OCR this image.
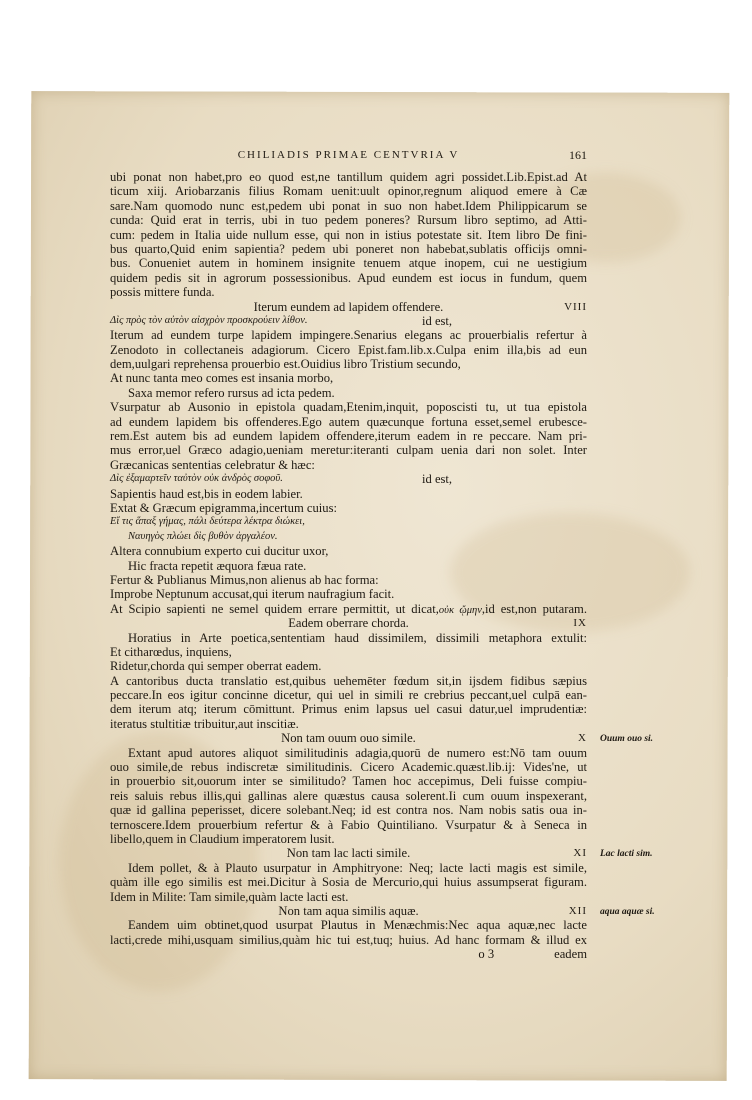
CHILIADIS PRIMAE CENTVRIA V	161
ubi ponat non habet,pro eo quod est,ne tantillum quidem agri possidet.Lib.Epist.ad At
ticum xiij. Ariobarzanis filius Romam uenit:uult opinor,regnum aliquod emere à Cæ
sare.Nam quomodo nunc est,pedem ubi ponat in suo non habet.Idem Philippicarum se
cunda: Quid erat in terris, ubi in tuo pedem poneres? Rursum libro septimo, ad Atti-
cum: pedem in Italia uide nullum esse, qui non in istius potestate sit. Item libro De fini-
bus quarto,Quid enim sapientia? pedem ubi poneret non habebat,sublatis officijs omni-
bus. Conueniet autem in hominem insignite tenuem atque inopem, cui ne uestigium
quidem pedis sit in agrorum possessionibus. Apud eundem est iocus in fundum, quem
possis mittere funda.
Iterum eundem ad lapidem offendere.	VIII
Δὶς πρὸς τὸν αὐτὸν αἰσχρὸν προσκρούειν λίθον.	id est,
Iterum ad eundem turpe lapidem impingere.Senarius elegans ac prouerbialis refertur à
Zenodoto in collectaneis adagiorum. Cicero Epist.fam.lib.x.Culpa enim illa,bis ad eun
dem,uulgari reprehensa prouerbio est.Ouidius libro Tristium secundo,
At nunc tanta meo comes est insania morbo,
Saxa memor refero rursus ad icta pedem.
Vsurpatur ab Ausonio in epistola quadam,Etenim,inquit, poposcisti tu, ut tua epistola
ad eundem lapidem bis offenderes.Ego autem quæcunque fortuna esset,semel erubesce-
rem.Est autem bis ad eundem lapidem offendere,iterum eadem in re peccare. Nam pri-
mus error,uel Græco adagio,ueniam meretur:iteranti culpam uenia dari non solet. Inter
Græcanicas sententias celebratur & hæc:
Δὶς ἐξαμαρτεῖν ταὐτὸν οὐκ ἀνδρὸς σοφοῦ.	id est,
Sapientis haud est,bis in eodem labier.
Extat & Græcum epigramma,incertum cuius:
Εἴ τις ἅπαξ γήμας, πάλι δεύτερα λέκτρα διώκει,
Ναυηγὸς πλώει δὶς βυθὸν ἀργαλέον.
Altera connubium experto cui ducitur uxor,
Hic fracta repetit æquora fæua rate.
Fertur & Publianus Mimus,non alienus ab hac forma:
Improbe Neptunum accusat,qui iterum naufragium facit.
At Scipio sapienti ne semel quidem errare permittit, ut dicat,οὐκ ᾤμην,id est,non putaram.
Eadem oberrare chorda.	IX
Horatius in Arte poetica,sententiam haud dissimilem, dissimili metaphora extulit:
Et citharœdus, inquiens,
Ridetur,chorda qui semper oberrat eadem.
A cantoribus ducta translatio est,quibus uehemēter fœdum sit,in ijsdem fidibus sæpius
peccare.In eos igitur concinne dicetur, qui uel in simili re crebrius peccant,uel culpā ean-
dem iterum atq; iterum cōmittunt. Primus enim lapsus uel casui datur,uel imprudentiæ:
iteratus stultitiæ tribuitur,aut inscitiæ.
Non tam ouum ouo simile.	X Ouum ouo si.
Extant apud autores aliquot similitudinis adagia,quorū de numero est:Nō tam ouum
ouo simile,de rebus indiscretæ similitudinis. Cicero Academic.quæst.lib.ij: Vides'ne, ut
in prouerbio sit,ouorum inter se similitudo? Tamen hoc accepimus, Deli fuisse compiu-
reis saluis rebus illis,qui gallinas alere quæstus causa solerent.Ii cum ouum inspexerant,
quæ id gallina peperisset, dicere solebant.Neq; id est contra nos. Nam nobis satis oua in-
ternoscere.Idem prouerbium refertur & à Fabio Quintiliano. Vsurpatur & à Seneca in
libello,quem in Claudium imperatorem lusit.
Non tam lac lacti simile.	XI Lac lacti sim.
Idem pollet, & à Plauto usurpatur in Amphitryone: Neq; lacte lacti magis est simile,
quàm ille ego similis est mei.Dicitur à Sosia de Mercurio,qui huius assumpserat figuram.
Idem in Milite: Tam simile,quàm lacte lacti est.
Non tam aqua similis aquæ.	XII aqua aquæ si.
Eandem uim obtinet,quod usurpat Plautus in Menæchmis:Nec aqua aquæ,nec lacte
lacti,crede mihi,usquam similius,quàm hic tui est,tuq; huius. Ad hanc formam & illud ex
o 3	eadem
